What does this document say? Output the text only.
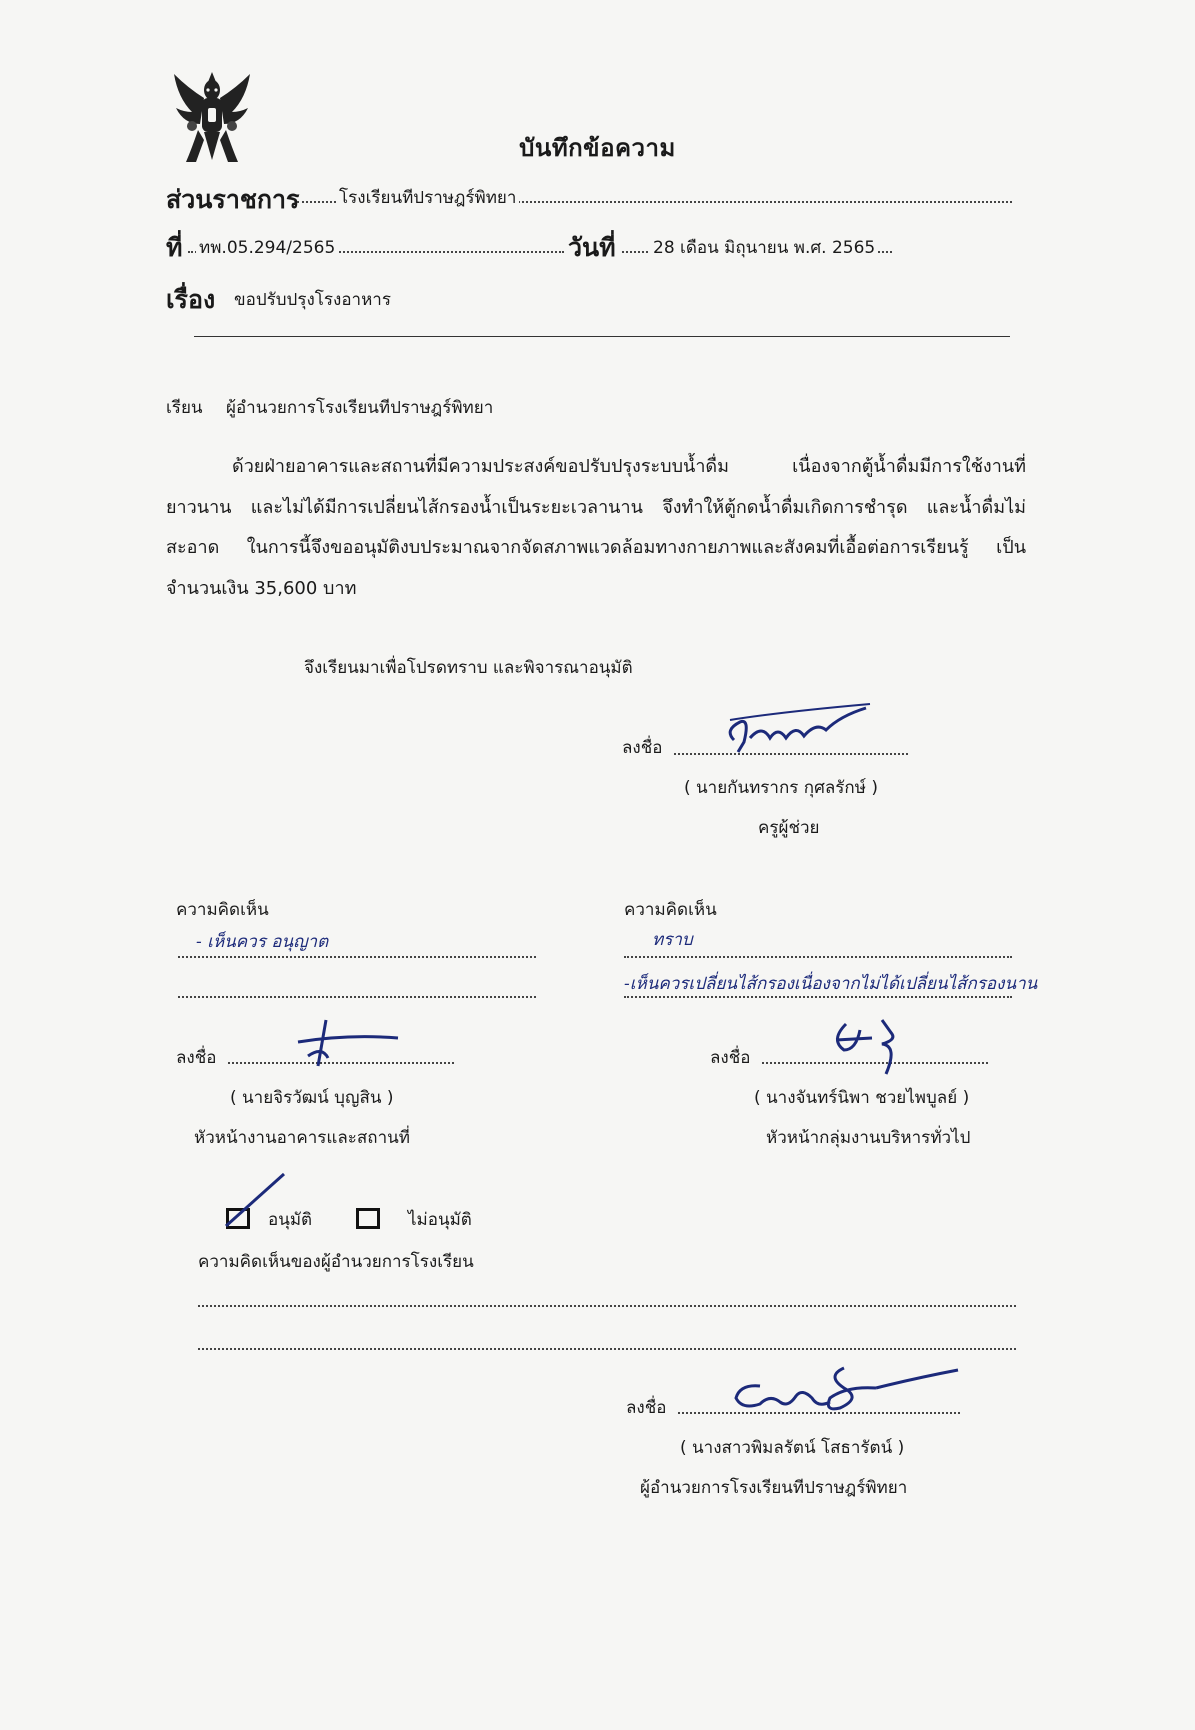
บันทึกข้อความ
ส่วนราชการ โรงเรียนทีปราษฎร์พิทยา
ที่ ทพ.05.294/2565	วันที่ 28 เดือน มิถุนายน พ.ศ. 2565
เรื่อง ขอปรับปรุงโรงอาหาร
เรียน ผู้อำนวยการโรงเรียนทีปราษฎร์พิทยา
ด้วยฝ่ายอาคารและสถานที่มีความประสงค์ขอปรับปรุงระบบน้ำดื่ม เนื่องจากตู้น้ำดื่มมีการใช้งานที่ยาวนาน และไม่ได้มีการเปลี่ยนไส้กรองน้ำเป็นระยะเวลานาน จึงทำให้ตู้กดน้ำดื่มเกิดการชำรุด และน้ำดื่มไม่สะอาด ในการนี้จึงขออนุมัติงบประมาณจากจัดสภาพแวดล้อมทางกายภาพและสังคมที่เอื้อต่อการเรียนรู้ เป็นจำนวนเงิน 35,600 บาท
จึงเรียนมาเพื่อโปรดทราบ และพิจารณาอนุมัติ
ลงชื่อ
( นายกันทรากร กุศลรักษ์ )
ครูผู้ช่วย
ความคิดเห็น
- เห็นควร อนุญาต
ลงชื่อ
( นายจิรวัฒน์ บุญสิน )
หัวหน้างานอาคารและสถานที่
ความคิดเห็น
ทราบ
-เห็นควรเปลี่ยนไส้กรองเนื่องจากไม่ได้เปลี่ยนไส้กรองนาน
ลงชื่อ
( นางจันทร์นิพา ชวยไพบูลย์ )
หัวหน้ากลุ่มงานบริหารทั่วไป
อนุมัติ	ไม่อนุมัติ
ความคิดเห็นของผู้อำนวยการโรงเรียน
ลงชื่อ
( นางสาวพิมลรัตน์ โสธารัตน์ )
ผู้อำนวยการโรงเรียนทีปราษฎร์พิทยา
